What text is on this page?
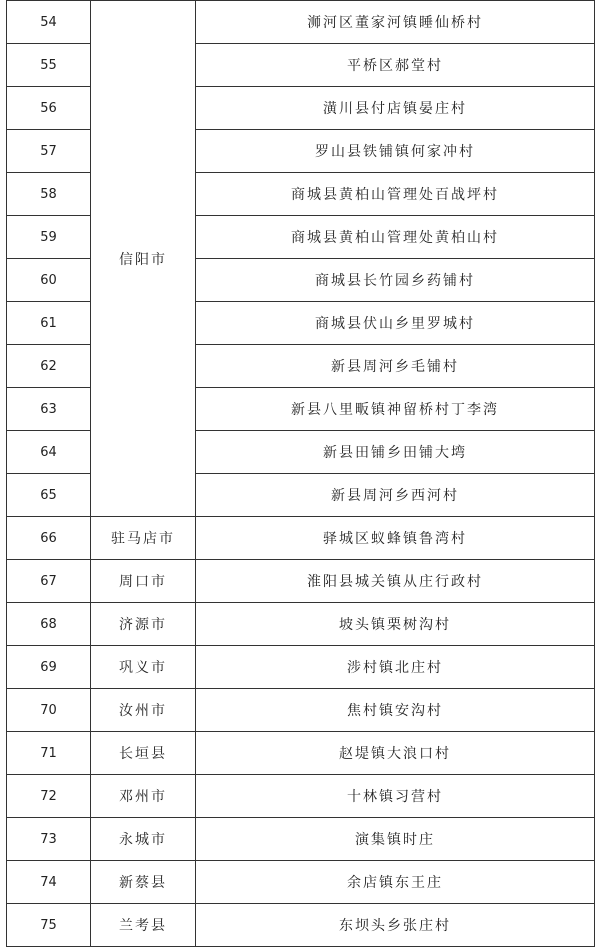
54	信阳市	浉河区董家河镇睡仙桥村
55		平桥区郝堂村
56		潢川县付店镇晏庄村
57		罗山县铁铺镇何家冲村
58		商城县黄柏山管理处百战坪村
59		商城县黄柏山管理处黄柏山村
60		商城县长竹园乡药铺村
61		商城县伏山乡里罗城村
62		新县周河乡毛铺村
63		新县八里畈镇神留桥村丁李湾
64		新县田铺乡田铺大塆
65		新县周河乡西河村
66	驻马店市	驿城区蚁蜂镇鲁湾村
67	周口市	淮阳县城关镇从庄行政村
68	济源市	坡头镇栗树沟村
69	巩义市	涉村镇北庄村
70	汝州市	焦村镇安沟村
71	长垣县	赵堤镇大浪口村
72	邓州市	十林镇习营村
73	永城市	演集镇时庄
74	新蔡县	余店镇东王庄
75	兰考县	东坝头乡张庄村
